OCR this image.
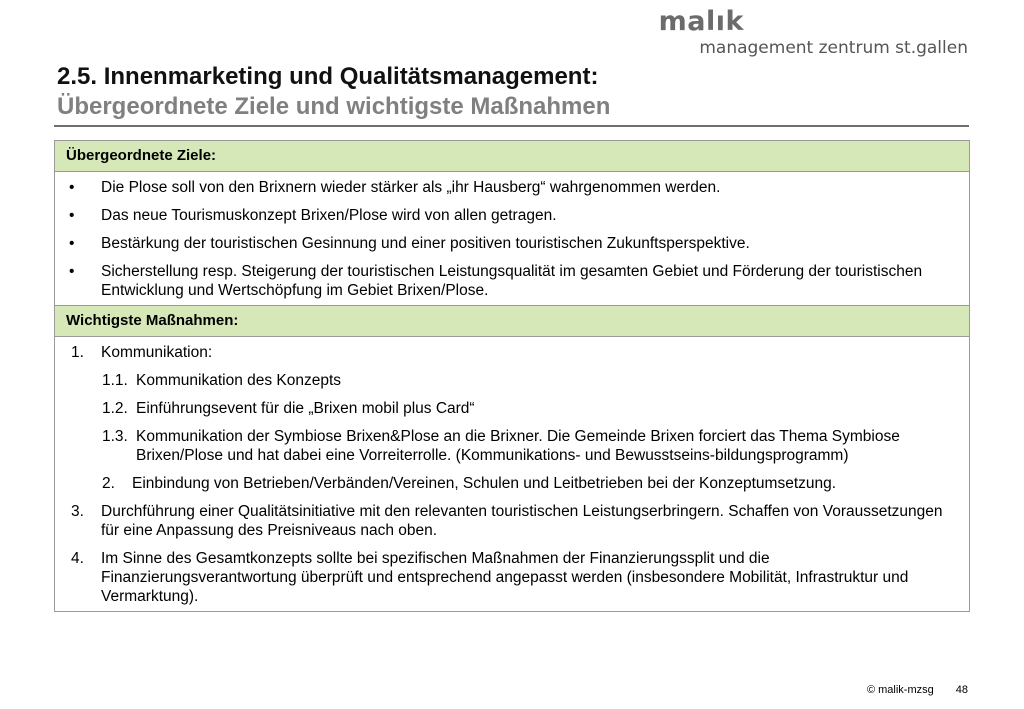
malık
management zentrum st.gallen
2.5. Innenmarketing und Qualitätsmanagement:
Übergeordnete Ziele und wichtigste Maßnahmen
Übergeordnete Ziele:
• Die Plose soll von den Brixnern wieder stärker als „ihr Hausberg“ wahrgenommen werden.
• Das neue Tourismuskonzept Brixen/Plose wird von allen getragen.
• Bestärkung der touristischen Gesinnung und einer positiven touristischen Zukunftsperspektive.
• Sicherstellung resp. Steigerung der touristischen Leistungsqualität im gesamten Gebiet und Förderung der touristischen Entwicklung und Wertschöpfung im Gebiet Brixen/Plose.
Wichtigste Maßnahmen:
1. Kommunikation:
1.1. Kommunikation des Konzepts
1.2. Einführungsevent für die „Brixen mobil plus Card“
1.3. Kommunikation der Symbiose Brixen&Plose an die Brixner. Die Gemeinde Brixen forciert das Thema Symbiose Brixen/Plose und hat dabei eine Vorreiterrolle. (Kommunikations- und Bewusstseins-bildungsprogramm)
2. Einbindung von Betrieben/Verbänden/Vereinen, Schulen und Leitbetrieben bei der Konzeptumsetzung.
3. Durchführung einer Qualitätsinitiative mit den relevanten touristischen Leistungserbringern. Schaffen von Voraussetzungen für eine Anpassung des Preisniveaus nach oben.
4. Im Sinne des Gesamtkonzepts sollte bei spezifischen Maßnahmen der Finanzierungssplit und die Finanzierungsverantwortung überprüft und entsprechend angepasst werden (insbesondere Mobilität, Infrastruktur und Vermarktung).
© malik-mzsg 48
